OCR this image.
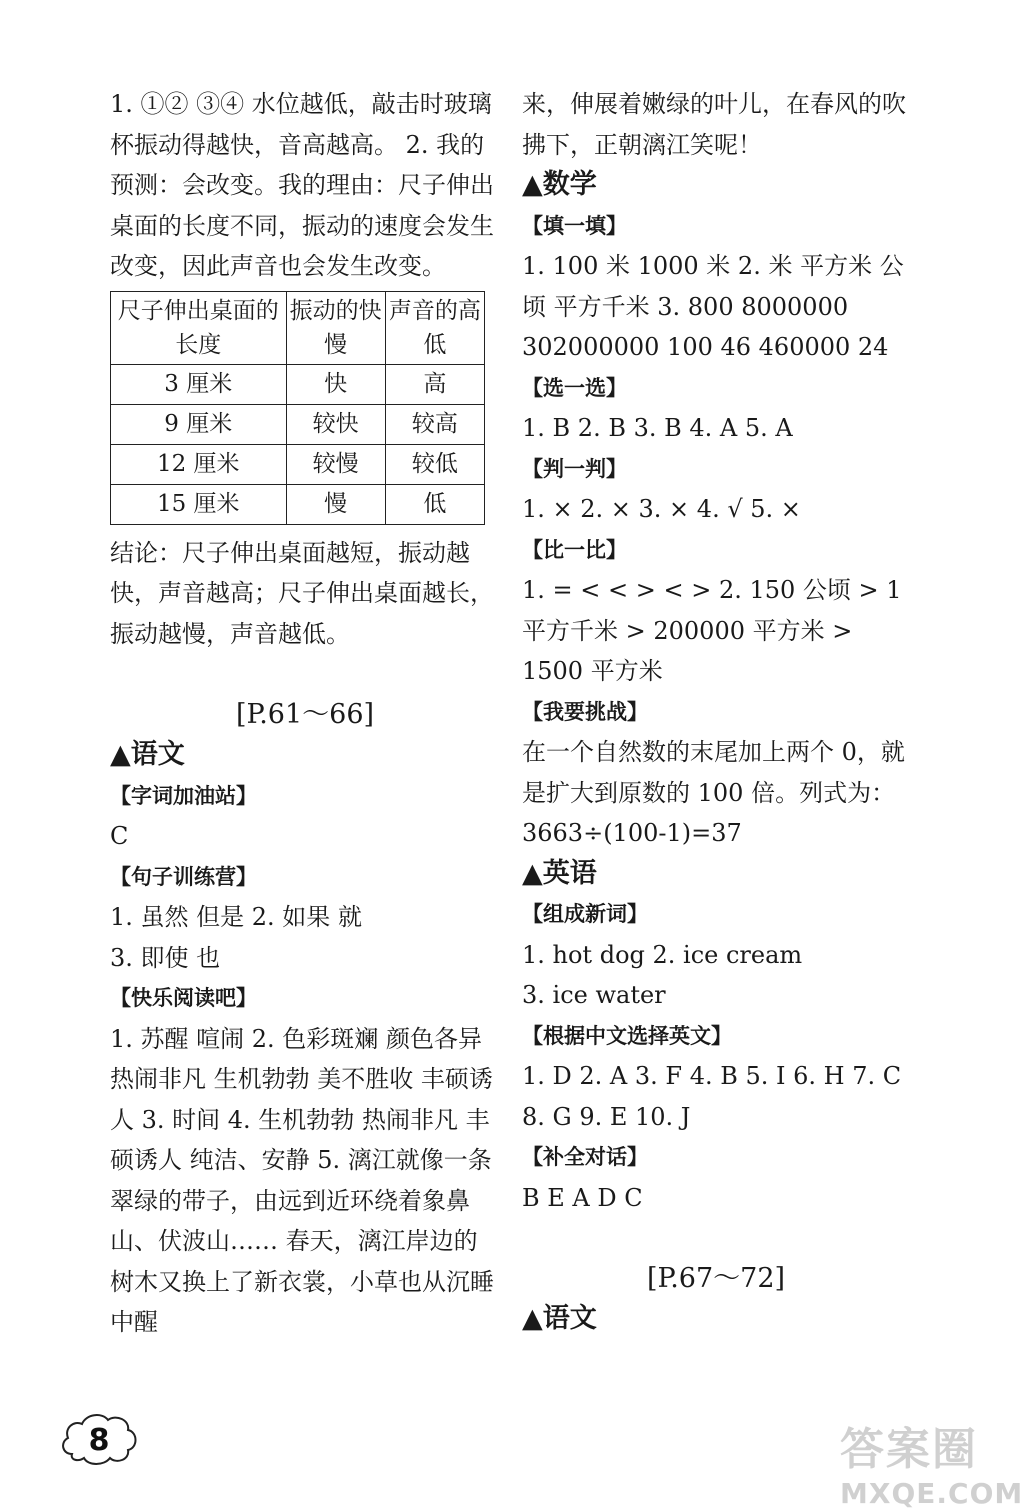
1. ①② ③④ 水位越低，敲击时玻璃杯振动得越快，音高越高。 2. 我的预测：会改变。我的理由：尺子伸出桌面的长度不同，振动的速度会发生改变，因此声音也会发生改变。

尺子伸出桌面的长度	振动的快慢	声音的高低
3 厘米	快	高
9 厘米	较快	较高
12 厘米	较慢	较低
15 厘米	慢	低

结论：尺子伸出桌面越短，振动越快，声音越高；尺子伸出桌面越长，振动越慢，声音越低。

[P.61～66]
▲语文
【字词加油站】

C

【句子训练营】

1. 虽然 但是 2. 如果 就

3. 即使 也

【快乐阅读吧】

1. 苏醒 喧闹 2. 色彩斑斓 颜色各异 热闹非凡 生机勃勃 美不胜收 丰硕诱人 3. 时间 4. 生机勃勃 热闹非凡 丰硕诱人 纯洁、安静 5. 漓江就像一条翠绿的带子，由远到近环绕着象鼻山、伏波山…… 春天，漓江岸边的树木又换上了新衣裳，小草也从沉睡中醒

来，伸展着嫩绿的叶儿，在春风的吹拂下，正朝漓江笑呢！

▲数学
【填一填】

1. 100 米 1000 米 2. 米 平方米 公顷 平方千米 3. 800 8000000 302000000 100 46 460000 24

【选一选】

1. B 2. B 3. B 4. A 5. A

【判一判】

1. × 2. × 3. × 4. √ 5. ×

【比一比】

1. = < < > < > 2. 150 公顷 > 1 平方千米 > 200000 平方米 > 1500 平方米

【我要挑战】

在一个自然数的末尾加上两个 0，就是扩大到原数的 100 倍。列式为：3663÷(100-1)=37

▲英语
【组成新词】

1. hot dog 2. ice cream

3. ice water

【根据中文选择英文】

1. D 2. A 3. F 4. B 5. I 6. H 7. C 8. G 9. E 10. J

【补全对话】

B E A D C

[P.67～72]
▲语文
8	答案圈
MXQE.COM
